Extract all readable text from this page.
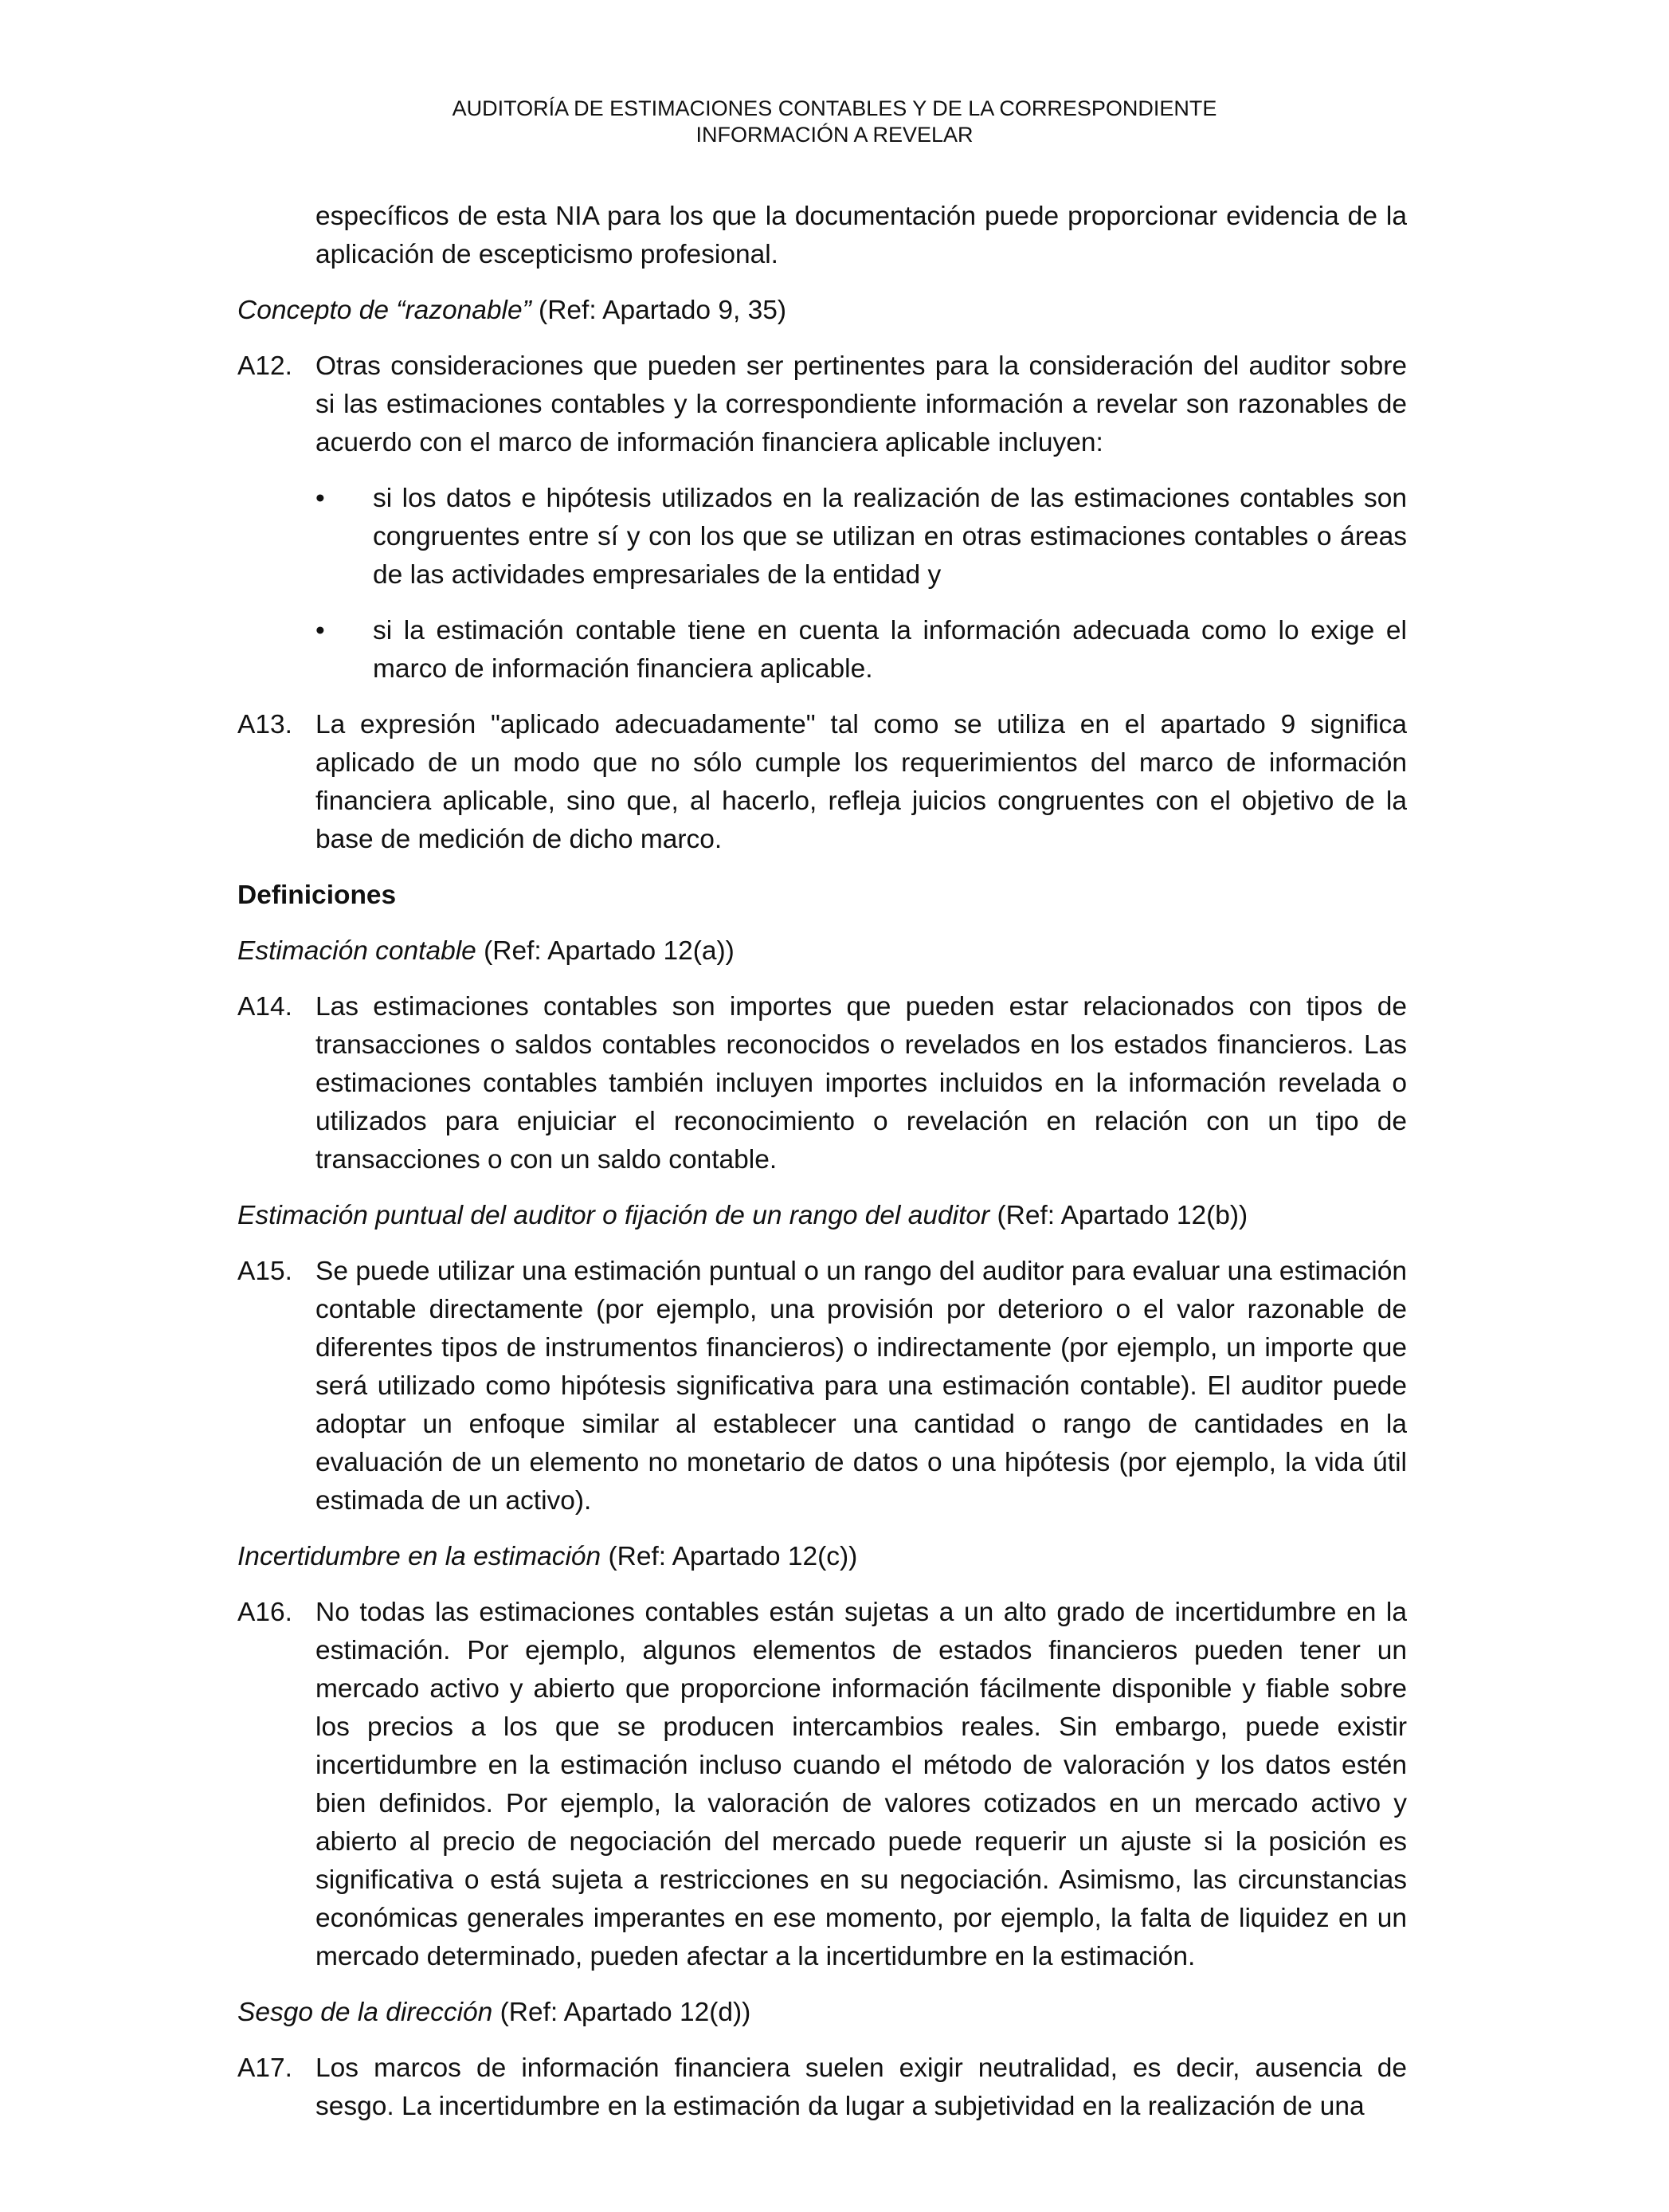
AUDITORÍA DE ESTIMACIONES CONTABLES Y DE LA CORRESPONDIENTE
INFORMACIÓN A REVELAR

específicos de esta NIA para los que la documentación puede proporcionar evidencia de la aplicación de escepticismo profesional.

Concepto de “razonable” (Ref: Apartado 9, 35)
A12. Otras consideraciones que pueden ser pertinentes para la consideración del auditor sobre si las estimaciones contables y la correspondiente información a revelar son razonables de acuerdo con el marco de información financiera aplicable incluyen:

• si los datos e hipótesis utilizados en la realización de las estimaciones contables son congruentes entre sí y con los que se utilizan en otras estimaciones contables o áreas de las actividades empresariales de la entidad y
• si la estimación contable tiene en cuenta la información adecuada como lo exige el marco de información financiera aplicable.
A13. La expresión "aplicado adecuadamente" tal como se utiliza en el apartado 9 significa aplicado de un modo que no sólo cumple los requerimientos del marco de información financiera aplicable, sino que, al hacerlo, refleja juicios congruentes con el objetivo de la base de medición de dicho marco.

Definiciones
Estimación contable (Ref: Apartado 12(a))
A14. Las estimaciones contables son importes que pueden estar relacionados con tipos de transacciones o saldos contables reconocidos o revelados en los estados financieros. Las estimaciones contables también incluyen importes incluidos en la información revelada o utilizados para enjuiciar el reconocimiento o revelación en relación con un tipo de transacciones o con un saldo contable.

Estimación puntual del auditor o fijación de un rango del auditor (Ref: Apartado 12(b))
A15. Se puede utilizar una estimación puntual o un rango del auditor para evaluar una estimación contable directamente (por ejemplo, una provisión por deterioro o el valor razonable de diferentes tipos de instrumentos financieros) o indirectamente (por ejemplo, un importe que será utilizado como hipótesis significativa para una estimación contable). El auditor puede adoptar un enfoque similar al establecer una cantidad o rango de cantidades en la evaluación de un elemento no monetario de datos o una hipótesis (por ejemplo, la vida útil estimada de un activo).

Incertidumbre en la estimación (Ref: Apartado 12(c))
A16. No todas las estimaciones contables están sujetas a un alto grado de incertidumbre en la estimación. Por ejemplo, algunos elementos de estados financieros pueden tener un mercado activo y abierto que proporcione información fácilmente disponible y fiable sobre los precios a los que se producen intercambios reales. Sin embargo, puede existir incertidumbre en la estimación incluso cuando el método de valoración y los datos estén bien definidos. Por ejemplo, la valoración de valores cotizados en un mercado activo y abierto al precio de negociación del mercado puede requerir un ajuste si la posición es significativa o está sujeta a restricciones en su negociación. Asimismo, las circunstancias económicas generales imperantes en ese momento, por ejemplo, la falta de liquidez en un mercado determinado, pueden afectar a la incertidumbre en la estimación.

Sesgo de la dirección (Ref: Apartado 12(d))
A17. Los marcos de información financiera suelen exigir neutralidad, es decir, ausencia de sesgo. La incertidumbre en la estimación da lugar a subjetividad en la realización de una
